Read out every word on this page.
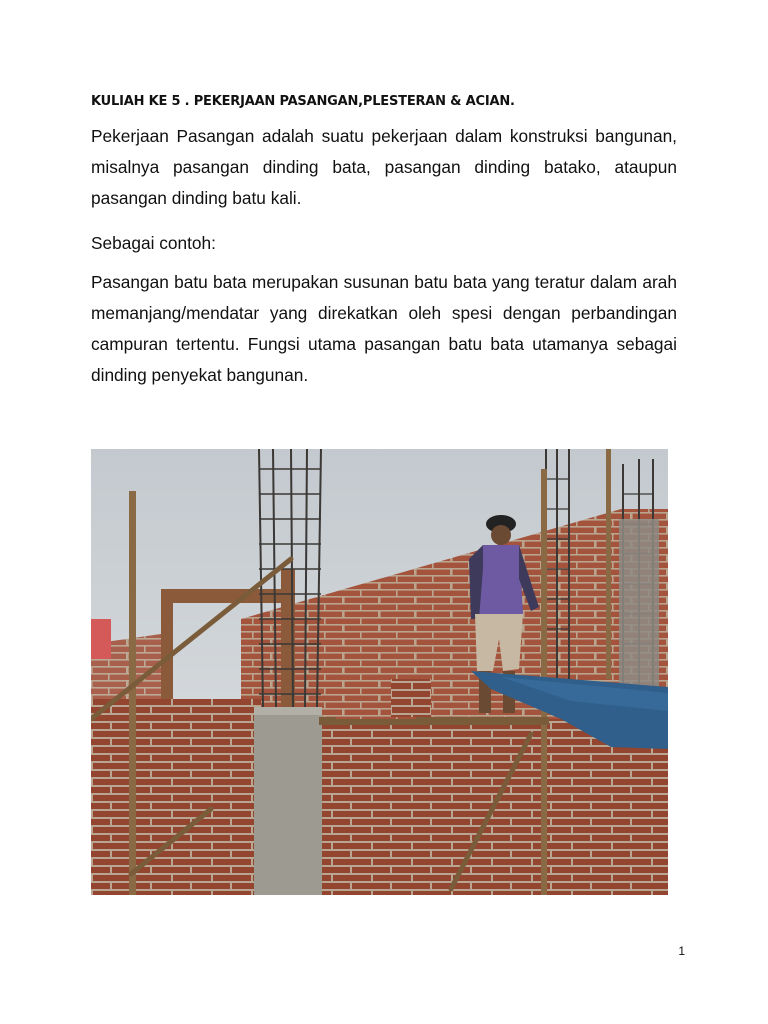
KULIAH KE 5 . PEKERJAAN PASANGAN,PLESTERAN & ACIAN.

Pekerjaan Pasangan adalah suatu pekerjaan dalam konstruksi bangunan, misalnya pasangan dinding bata, pasangan dinding batako, ataupun pasangan dinding batu kali.

Sebagai contoh:

Pasangan batu bata merupakan susunan batu bata yang teratur dalam arah memanjang/mendatar yang direkatkan oleh spesi dengan perbandingan campuran tertentu. Fungsi utama pasangan batu bata utamanya sebagai dinding penyekat bangunan.

1
